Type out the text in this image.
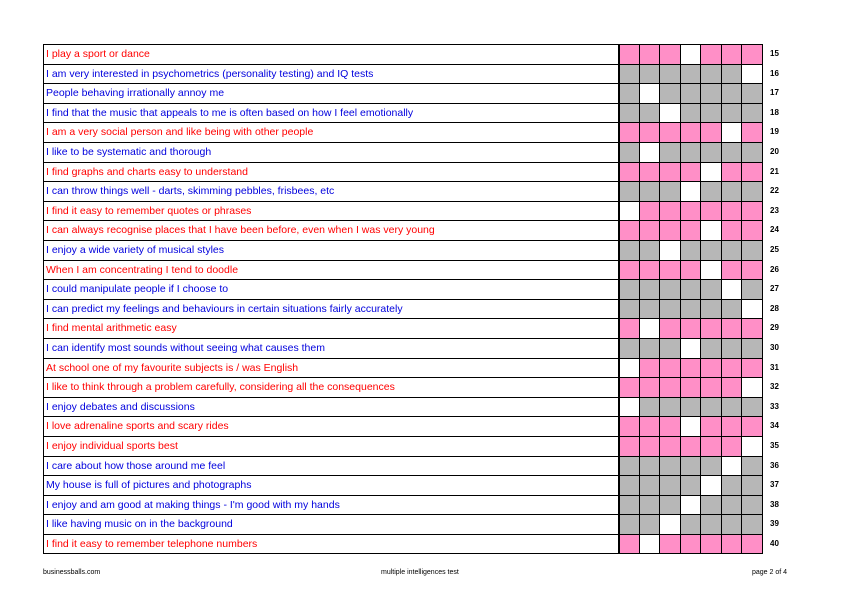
I play a sport or dance	15
I am very interested in psychometrics (personality testing) and IQ tests	16
People behaving irrationally annoy me	17
I find that the music that appeals to me is often based on how I feel emotionally	18
I am a very social person and like being with other people	19
I like to be systematic and thorough	20
I find graphs and charts easy to understand	21
I can throw things well - darts, skimming pebbles, frisbees, etc	22
I find it easy to remember quotes or phrases	23
I can always recognise places that I have been before, even when I was very young	24
I enjoy a wide variety of musical styles	25
When I am concentrating I tend to doodle	26
I could manipulate people if I choose to	27
I can predict my feelings and behaviours in certain situations fairly accurately	28
I find mental arithmetic easy	29
I can identify most sounds without seeing what causes them	30
At school one of my favourite subjects is / was English	31
I like to think through a problem carefully, considering all the consequences	32
I enjoy debates and discussions	33
I love adrenaline sports and scary rides	34
I enjoy individual sports best	35
I care about how those around me feel	36
My house is full of pictures and photographs	37
I enjoy and am good at making things - I'm good with my hands	38
I like having music on in the background	39
I find it easy to remember telephone numbers	40
businessballs.com	multiple intelligences test	page 2 of 4
